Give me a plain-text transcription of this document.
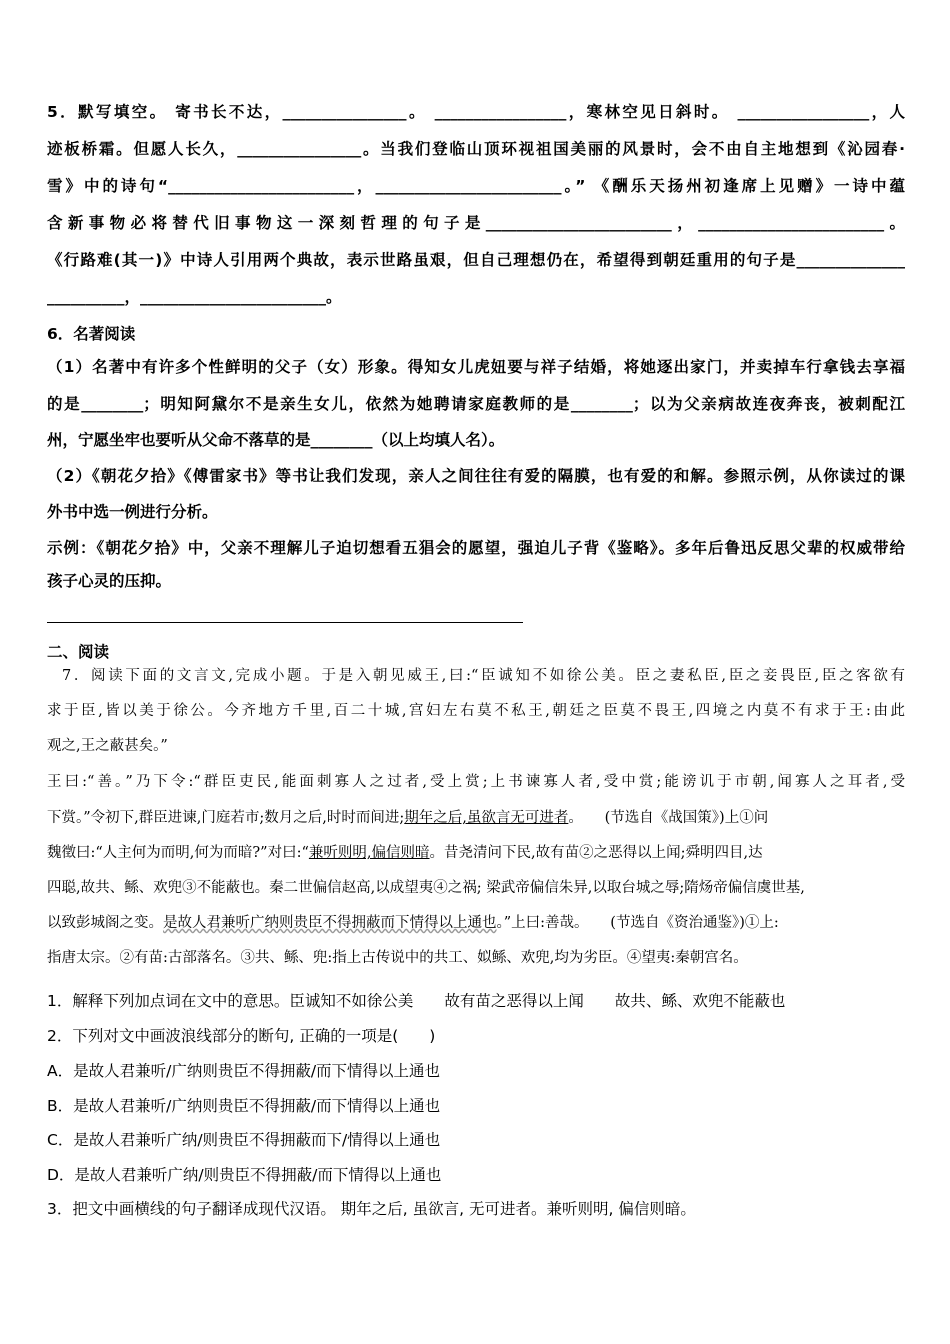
5．默写填空。 寄书长不达，________________。 _________________，寒林空见日斜时。 _________________，人
迹板桥霜。但愿人长久，________________。当我们登临山顶环视祖国美丽的风景时，会不由自主地想到《沁园春·
雪》中的诗句“________________________，________________________。” 《酬乐天扬州初逢席上见赠》一诗中蕴
含新事物必将替代旧事物这一深刻哲理的句子是________________________，________________________。
《行路难(其一)》中诗人引用两个典故，表示世路虽艰，但自己理想仍在，希望得到朝廷重用的句子是______________
__________，________________________。
6．名著阅读
（1）名著中有许多个性鲜明的父子（女）形象。得知女儿虎妞要与祥子结婚，将她逐出家门，并卖掉车行拿钱去享福
的是________；明知阿黛尔不是亲生女儿，依然为她聘请家庭教师的是________；以为父亲病故连夜奔丧，被刺配江
州，宁愿坐牢也要听从父命不落草的是________（以上均填人名）。
（2）《朝花夕拾》《傅雷家书》等书让我们发现，亲人之间往往有爱的隔膜，也有爱的和解。参照示例，从你读过的课
外书中选一例进行分析。
示例：《朝花夕拾》中，父亲不理解儿子迫切想看五猖会的愿望，强迫儿子背《鉴略》。多年后鲁迅反思父辈的权威带给
孩子心灵的压抑。
二、阅读
7．阅读下面的文言文,完成小题。于是入朝见威王,曰:“臣诚知不如徐公美。臣之妻私臣,臣之妾畏臣,臣之客欲有
求于臣,皆以美于徐公。今齐地方千里,百二十城,宫妇左右莫不私王,朝廷之臣莫不畏王,四境之内莫不有求于王:由此
观之,王之蔽甚矣。”
王曰:“善。”乃下令:“群臣吏民,能面刺寡人之过者,受上赏;上书谏寡人者,受中赏;能谤讥于市朝,闻寡人之耳者,受
下赏。”令初下,群臣进谏,门庭若市;数月之后,时时而间进;期年之后,虽欲言无可进者。　　(节选自《战国策》)上①问
魏徵曰:“人主何为而明,何为而暗?”对曰:“兼听则明,偏信则暗。昔尧清问下民,故有苗②之恶得以上闻;舜明四目,达
四聪,故共、鲧、欢兜③不能蔽也。秦二世偏信赵高,以成望夷④之祸; 梁武帝偏信朱异,以取台城之辱;隋炀帝偏信虞世基,
以致彭城阁之变。是故人君兼听广纳则贵臣不得拥蔽而下情得以上通也。”上曰:善哉。　　(节选自《资治通鉴》)①上:
指唐太宗。②有苗:古部落名。③共、鲧、兜:指上古传说中的共工、姒鲧、欢兜,均为劣臣。④望夷:秦朝宫名。
1．解释下列加点词在文中的意思。臣诚知不如徐公美　　故有苗之恶得以上闻　　故共、鲧、欢兜不能蔽也
2．下列对文中画波浪线部分的断句, 正确的一项是(　　)
A．是故人君兼听/广纳则贵臣不得拥蔽/而下情得以上通也
B．是故人君兼听/广纳则贵臣不得拥蔽/而下情得以上通也
C．是故人君兼听广纳/则贵臣不得拥蔽而下/情得以上通也
D．是故人君兼听广纳/则贵臣不得拥蔽/而下情得以上通也
3．把文中画横线的句子翻译成现代汉语。 期年之后, 虽欲言, 无可进者。兼听则明, 偏信则暗。
